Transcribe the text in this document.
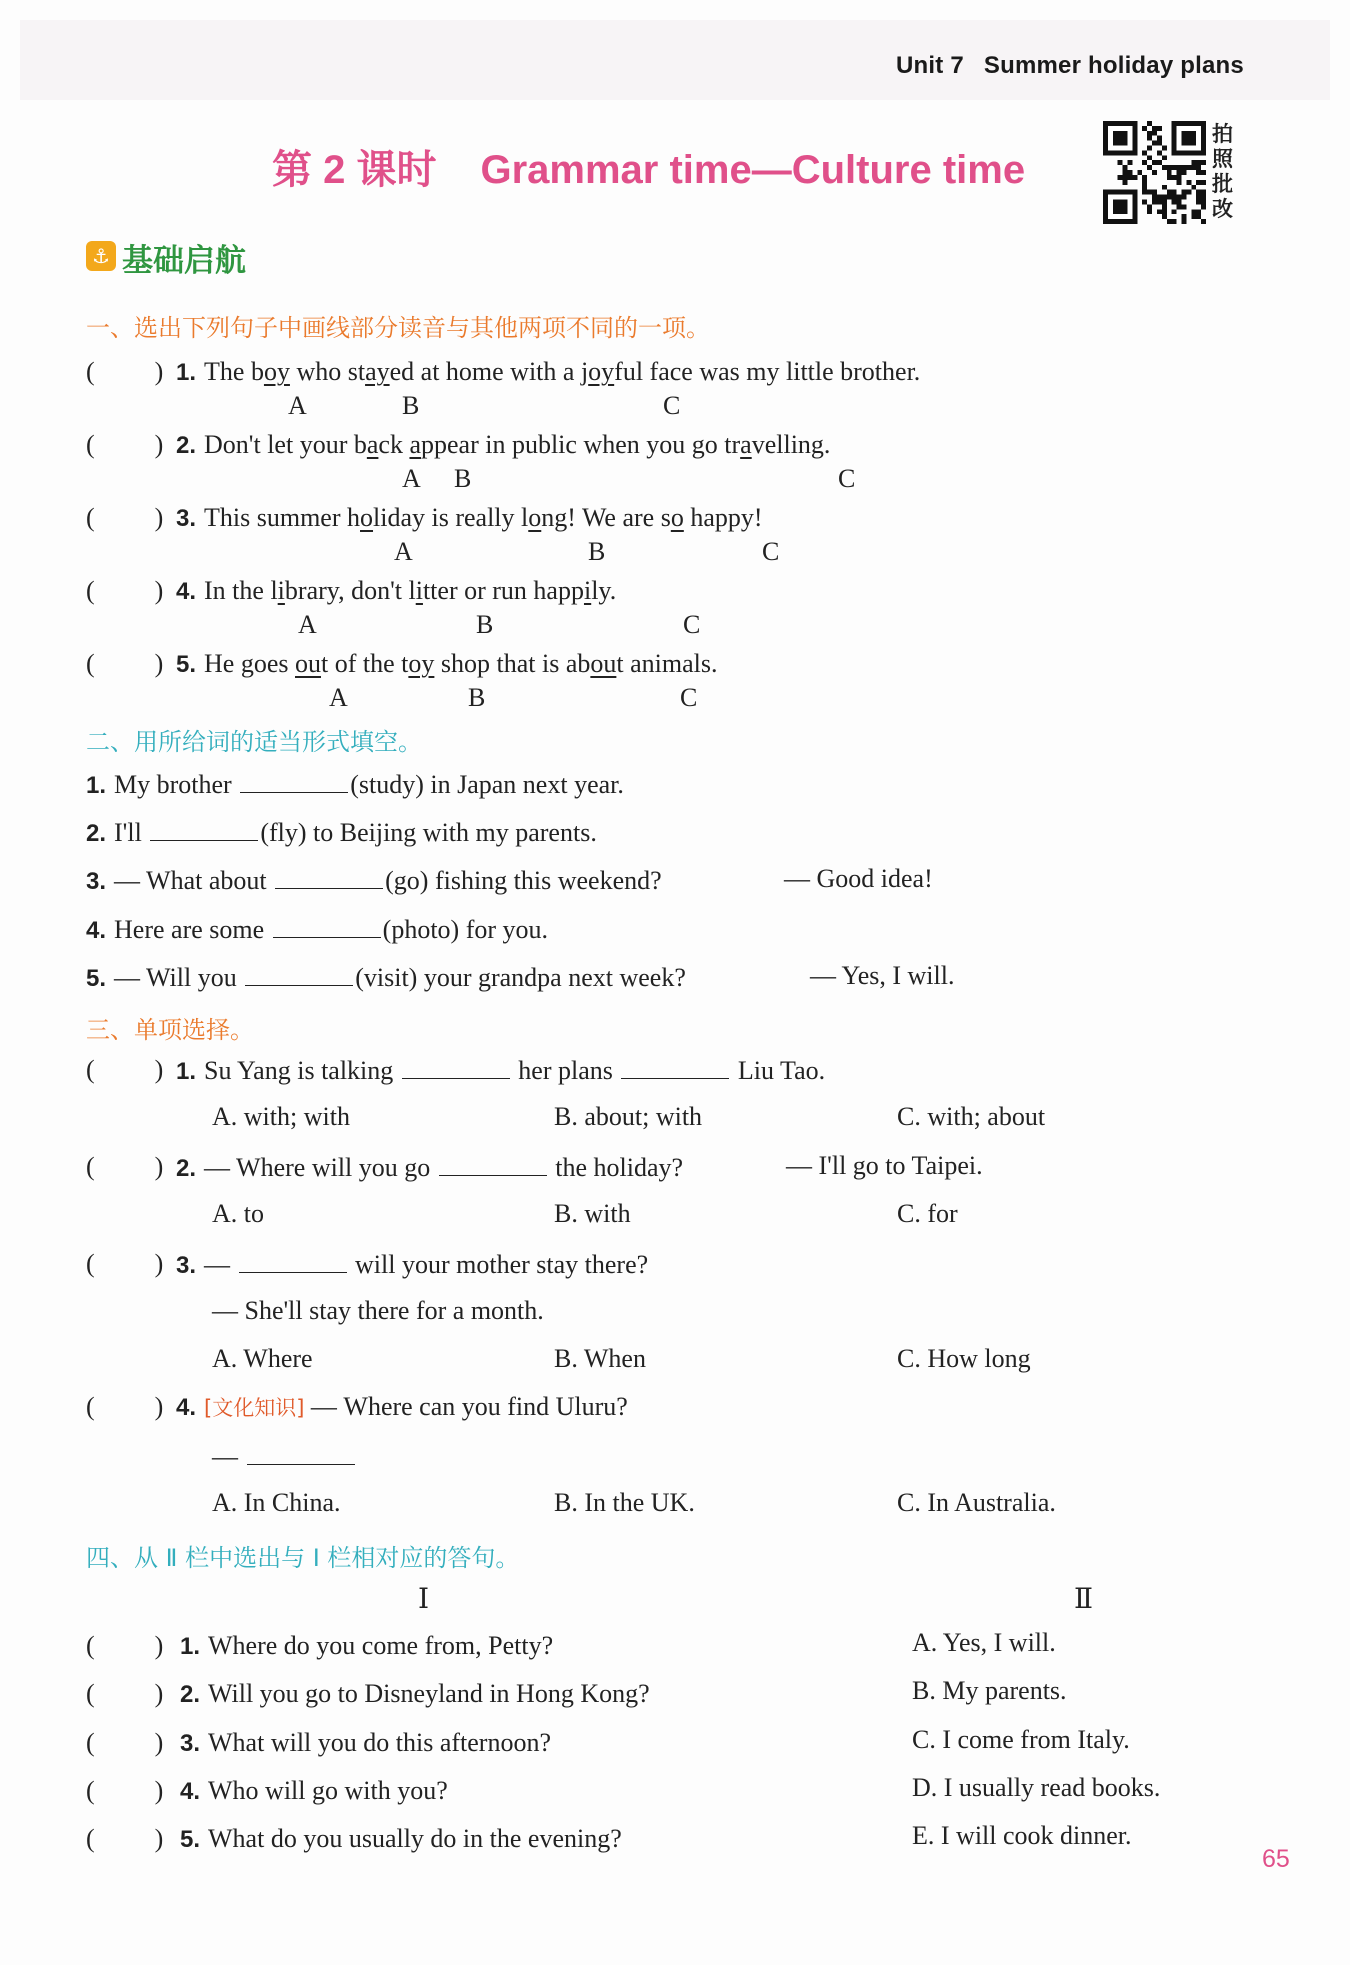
Unit 7 Summer holiday plans
第 2 课时 Grammar time—Culture time
拍
照
批
改
⚓ 基础启航
一、选出下列句子中画线部分读音与其他两项不同的一项。
( ) 1. The boy who stayed at home with a joyful face was my little brother.
A	B	C
( ) 2. Don't let your back appear in public when you go travelling.
A B	C
( ) 3. This summer holiday is really long! We are so happy!
A	B	C
( ) 4. In the library, don't litter or run happily.
A	B	C
( ) 5. He goes out of the toy shop that is about animals.
A	B	C
二、用所给词的适当形式填空。
1. My brother	(study) in Japan next year.
2. I'll	(fly) to Beijing with my parents.
3. — What about	(go) fishing this weekend?	— Good idea!
4. Here are some	(photo) for you.
5. — Will you	(visit) your grandpa next week?	— Yes, I will.
三、单项选择。
( ) 1. Su Yang is talking	her plans	Liu Tao.
A. with; with	B. about; with	C. with; about
( ) 2. — Where will you go	the holiday?	— I'll go to Taipei.
A. to	B. with	C. for
( ) 3. —	will your mother stay there?
— She'll stay there for a month.
A. Where	B. When	C. How long
( ) 4. [文化知识] — Where can you find Uluru?
—
A. In China.	B. In the UK.	C. In Australia.
四、从 Ⅱ 栏中选出与 Ⅰ 栏相对应的答句。
Ⅰ	Ⅱ
( ) 1. Where do you come from, Petty?	A. Yes, I will.
( ) 2. Will you go to Disneyland in Hong Kong?	B. My parents.
( ) 3. What will you do this afternoon?	C. I come from Italy.
( ) 4. Who will go with you?	D. I usually read books.
( ) 5. What do you usually do in the evening?	E. I will cook dinner.
65
